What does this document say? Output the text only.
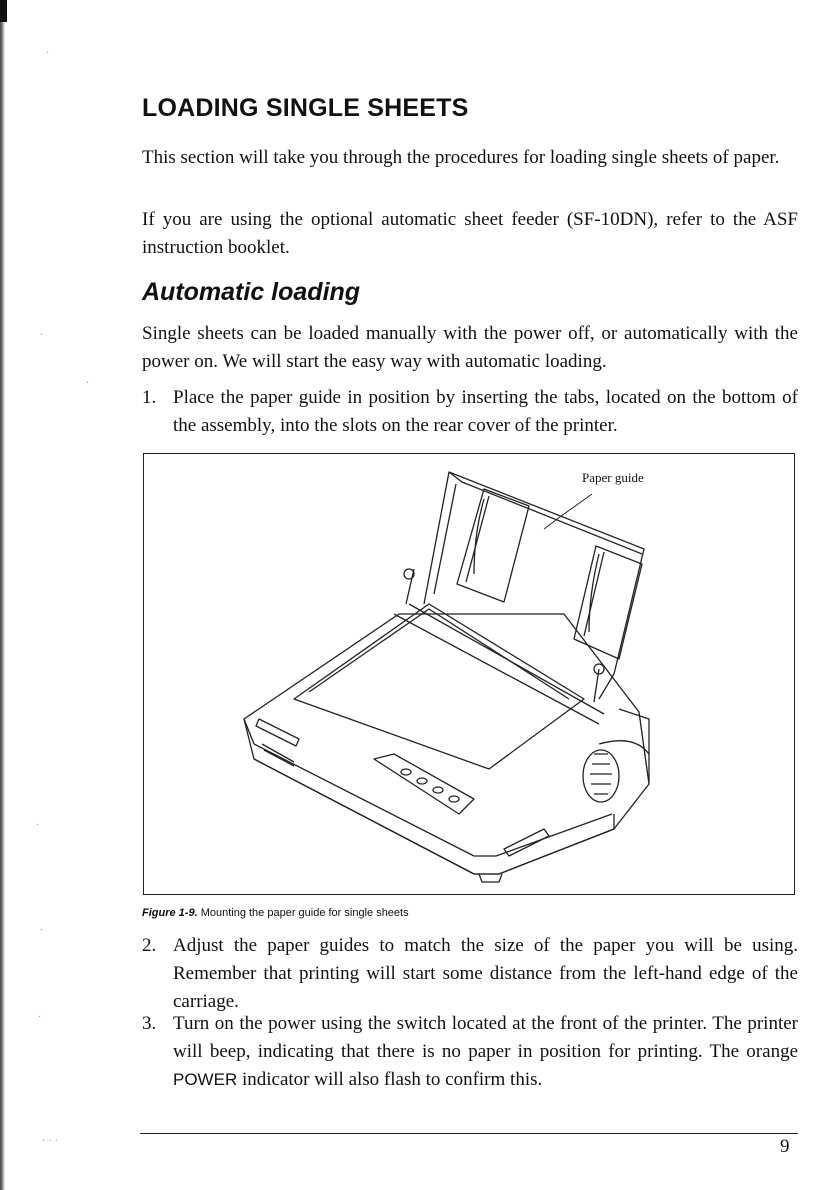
·
·
·
·
·
·
· · ·
LOADING SINGLE SHEETS

This section will take you through the procedures for loading single sheets of paper.

If you are using the optional automatic sheet feeder (SF-10DN), refer to the ASF instruction booklet.

Automatic loading

Single sheets can be loaded manually with the power off, or automatically with the power on. We will start the easy way with automatic loading.

1. Place the paper guide in position by inserting the tabs, located on the bottom of the assembly, into the slots on the rear cover of the printer.
Paper guide

Figure 1-9. Mounting the paper guide for single sheets

2. Adjust the paper guides to match the size of the paper you will be using. Remember that printing will start some distance from the left-hand edge of the carriage.
3. Turn on the power using the switch located at the front of the printer. The printer will beep, indicating that there is no paper in position for printing. The orange POWER indicator will also flash to confirm this.
9
